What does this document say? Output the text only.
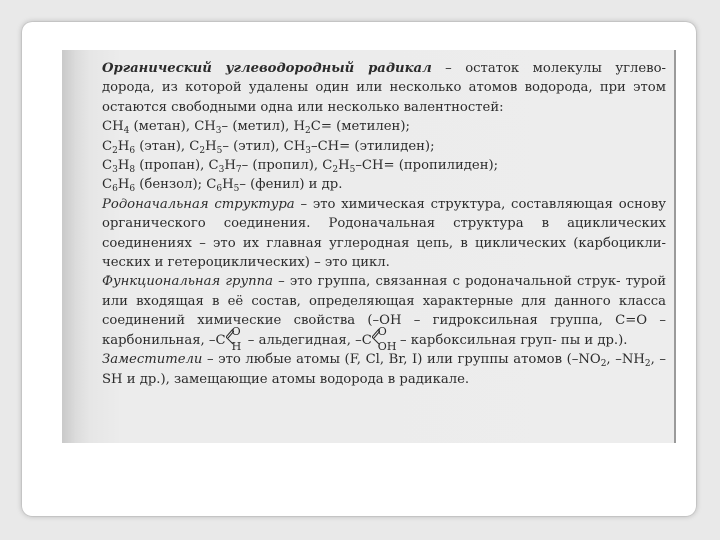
Органический углеводородный радикал – остаток молекулы углево- дорода, из которой удалены один или несколько атомов водорода, при этом остаются свободными одна или несколько валентностей:

$CH_4$ (метан), $CH_3-$ (метил), $H_2C=$ (метилен);

$C_2H_6$ (этан), $C_2H_5-$ (этил), $CH_3-CH=$ (этилиден);

$C_3H_8$ (пропан), $C_3H_7-$ (пропил), $C_2H_5-CH=$ (пропилиден);

$C_6H_6$ (бензол); $C_6H_5-$ (фенил) и др.

Родоначальная структура – это химическая структура, составляющая основу органического соединения. Родоначальная структура в ациклических соединениях – это их главная углеродная цепь, в циклических (карбоцикли- ческих и гетероциклических) – это цикл.

Функциональная группа – это группа, связанная с родоначальной струк- турой или входящая в её состав, определяющая характерные для данного класса соединений химические свойства (–OH – гидроксильная группа, C=O – карбонильная, –C
O
H – альдегидная, –C
O
OH – карбоксильная груп- пы и др.).

Заместители – это любые атомы (F, Cl, Br, I) или группы атомов ($-NO_2$, $-NH_2$, –SH и др.), замещающие атомы водорода в радикале.
